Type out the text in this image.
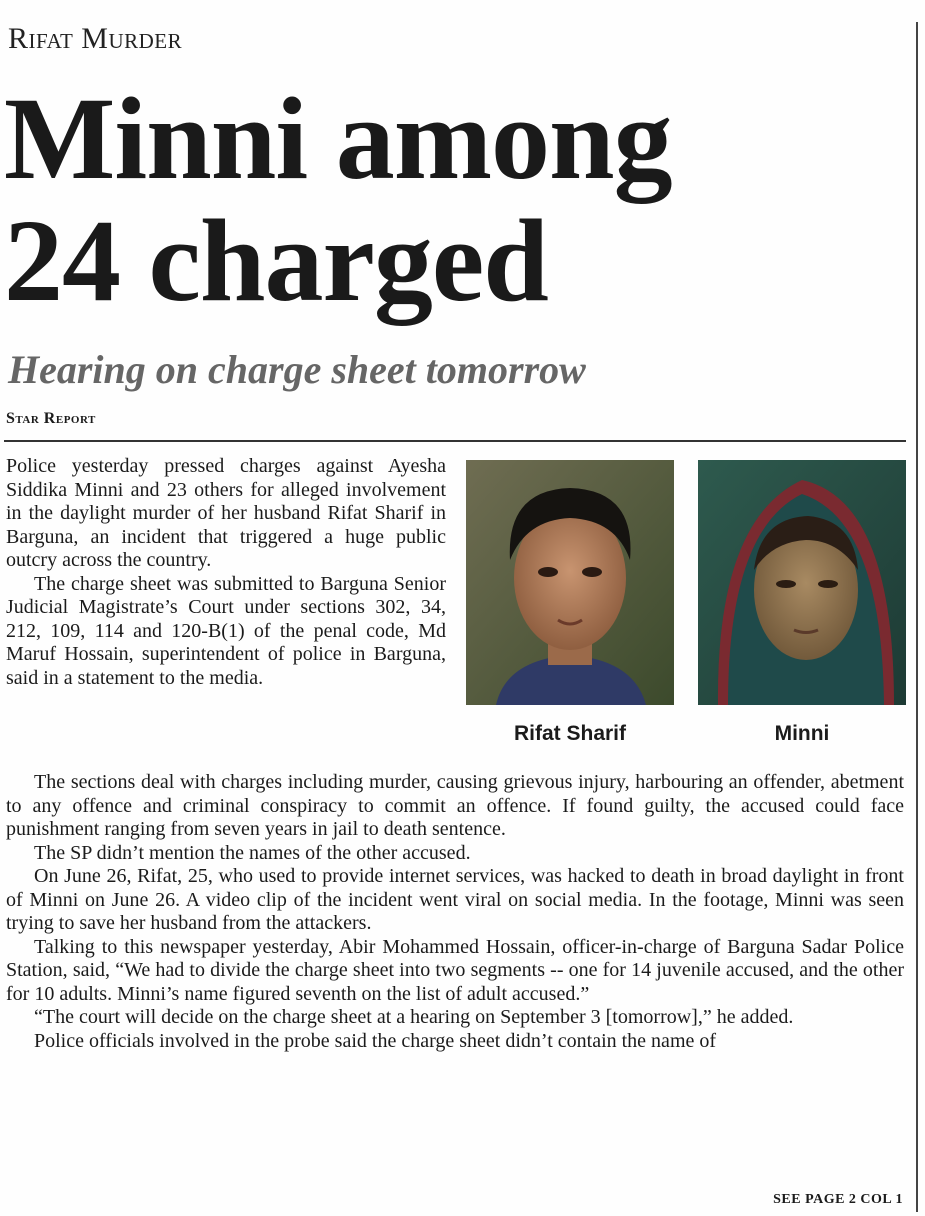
Rifat Murder
Minni among
24 charged
Hearing on charge sheet tomorrow
Star Report

Police yesterday pressed charges against Ayesha Siddika Minni and 23 others for alleged involvement in the daylight murder of her husband Rifat Sharif in Barguna, an incident that triggered a huge public outcry across the country.

The charge sheet was submitted to Barguna Senior Judicial Magistrate’s Court under sections 302, 34, 212, 109, 114 and 120-B(1) of the penal code, Md Maruf Hossain, superintendent of police in Barguna, said in a statement to the media.

Rifat Sharif	Minni

The sections deal with charges including murder, causing grievous injury, harbouring an offender, abetment to any offence and criminal conspiracy to commit an offence. If found guilty, the accused could face punishment ranging from seven years in jail to death sentence.

The SP didn’t mention the names of the other accused.

On June 26, Rifat, 25, who used to provide internet services, was hacked to death in broad daylight in front of Minni on June 26. A video clip of the incident went viral on social media. In the footage, Minni was seen trying to save her husband from the attackers.

Talking to this newspaper yesterday, Abir Mohammed Hossain, officer-in-charge of Barguna Sadar Police Station, said, “We had to divide the charge sheet into two segments -- one for 14 juvenile accused, and the other for 10 adults. Minni’s name figured seventh on the list of adult accused.”

“The court will decide on the charge sheet at a hearing on September 3 [tomorrow],” he added.

Police officials involved in the probe said the charge sheet didn’t contain the name of

SEE PAGE 2 COL 1
